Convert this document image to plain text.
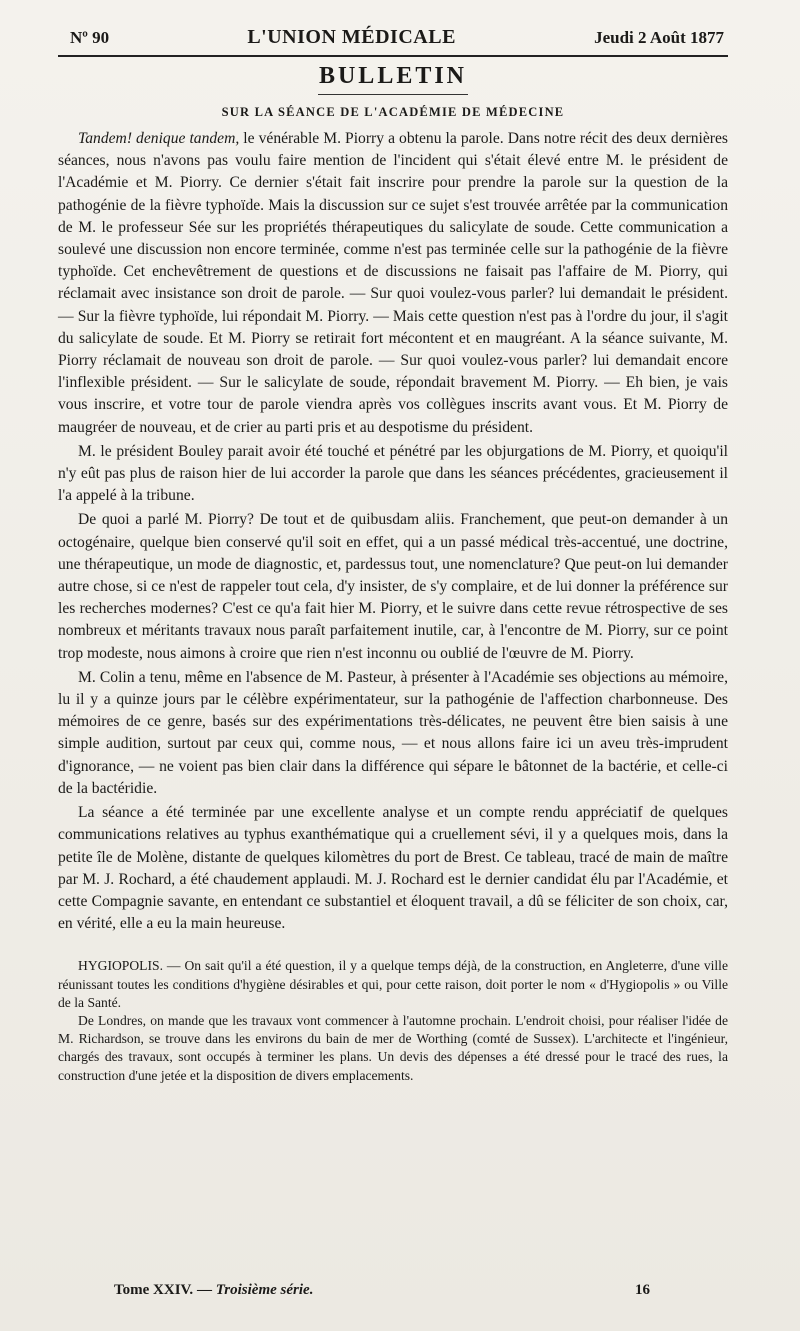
Nº 90	L'UNION MÉDICALE	Jeudi 2 Août 1877
BULLETIN
SUR LA SÉANCE DE L'ACADÉMIE DE MÉDECINE

Tandem! denique tandem, le vénérable M. Piorry a obtenu la parole. Dans notre récit des deux dernières séances, nous n'avons pas voulu faire mention de l'incident qui s'était élevé entre M. le président de l'Académie et M. Piorry. Ce dernier s'était fait inscrire pour prendre la parole sur la question de la pathogénie de la fièvre typhoïde. Mais la discussion sur ce sujet s'est trouvée arrêtée par la communication de M. le professeur Sée sur les propriétés thérapeutiques du salicylate de soude. Cette communication a soulevé une discussion non encore terminée, comme n'est pas terminée celle sur la pathogénie de la fièvre typhoïde. Cet enchevêtrement de questions et de discussions ne faisait pas l'affaire de M. Piorry, qui réclamait avec insistance son droit de parole. — Sur quoi voulez-vous parler? lui demandait le président. — Sur la fièvre typhoïde, lui répondait M. Piorry. — Mais cette question n'est pas à l'ordre du jour, il s'agit du salicylate de soude. Et M. Piorry se retirait fort mécontent et en maugréant. A la séance suivante, M. Piorry réclamait de nouveau son droit de parole. — Sur quoi voulez-vous parler? lui demandait encore l'inflexible président. — Sur le salicylate de soude, répondait bravement M. Piorry. — Eh bien, je vais vous inscrire, et votre tour de parole viendra après vos collègues inscrits avant vous. Et M. Piorry de maugréer de nouveau, et de crier au parti pris et au despotisme du président.

M. le président Bouley parait avoir été touché et pénétré par les objurgations de M. Piorry, et quoiqu'il n'y eût pas plus de raison hier de lui accorder la parole que dans les séances précédentes, gracieusement il l'a appelé à la tribune.

De quoi a parlé M. Piorry? De tout et de quibusdam aliis. Franchement, que peut-on demander à un octogénaire, quelque bien conservé qu'il soit en effet, qui a un passé médical très-accentué, une doctrine, une thérapeutique, un mode de diagnostic, et, pardessus tout, une nomenclature? Que peut-on lui demander autre chose, si ce n'est de rappeler tout cela, d'y insister, de s'y complaire, et de lui donner la préférence sur les recherches modernes? C'est ce qu'a fait hier M. Piorry, et le suivre dans cette revue rétrospective de ses nombreux et méritants travaux nous paraît parfaitement inutile, car, à l'encontre de M. Piorry, sur ce point trop modeste, nous aimons à croire que rien n'est inconnu ou oublié de l'œuvre de M. Piorry.

M. Colin a tenu, même en l'absence de M. Pasteur, à présenter à l'Académie ses objections au mémoire, lu il y a quinze jours par le célèbre expérimentateur, sur la pathogénie de l'affection charbonneuse. Des mémoires de ce genre, basés sur des expérimentations très-délicates, ne peuvent être bien saisis à une simple audition, surtout par ceux qui, comme nous, — et nous allons faire ici un aveu très-imprudent d'ignorance, — ne voient pas bien clair dans la différence qui sépare le bâtonnet de la bactérie, et celle-ci de la bactéridie.

La séance a été terminée par une excellente analyse et un compte rendu appréciatif de quelques communications relatives au typhus exanthématique qui a cruellement sévi, il y a quelques mois, dans la petite île de Molène, distante de quelques kilomètres du port de Brest. Ce tableau, tracé de main de maître par M. J. Rochard, a été chaudement applaudi. M. J. Rochard est le dernier candidat élu par l'Académie, et cette Compagnie savante, en entendant ce substantiel et éloquent travail, a dû se féliciter de son choix, car, en vérité, elle a eu la main heureuse.

HYGIOPOLIS. — On sait qu'il a été question, il y a quelque temps déjà, de la construction, en Angleterre, d'une ville réunissant toutes les conditions d'hygiène désirables et qui, pour cette raison, doit porter le nom « d'Hygiopolis » ou Ville de la Santé.

De Londres, on mande que les travaux vont commencer à l'automne prochain. L'endroit choisi, pour réaliser l'idée de M. Richardson, se trouve dans les environs du bain de mer de Worthing (comté de Sussex). L'architecte et l'ingénieur, chargés des travaux, sont occupés à terminer les plans. Un devis des dépenses a été dressé pour le tracé des rues, la construction d'une jetée et la disposition de divers emplacements.

Tome XXIV. — Troisième série.	16
